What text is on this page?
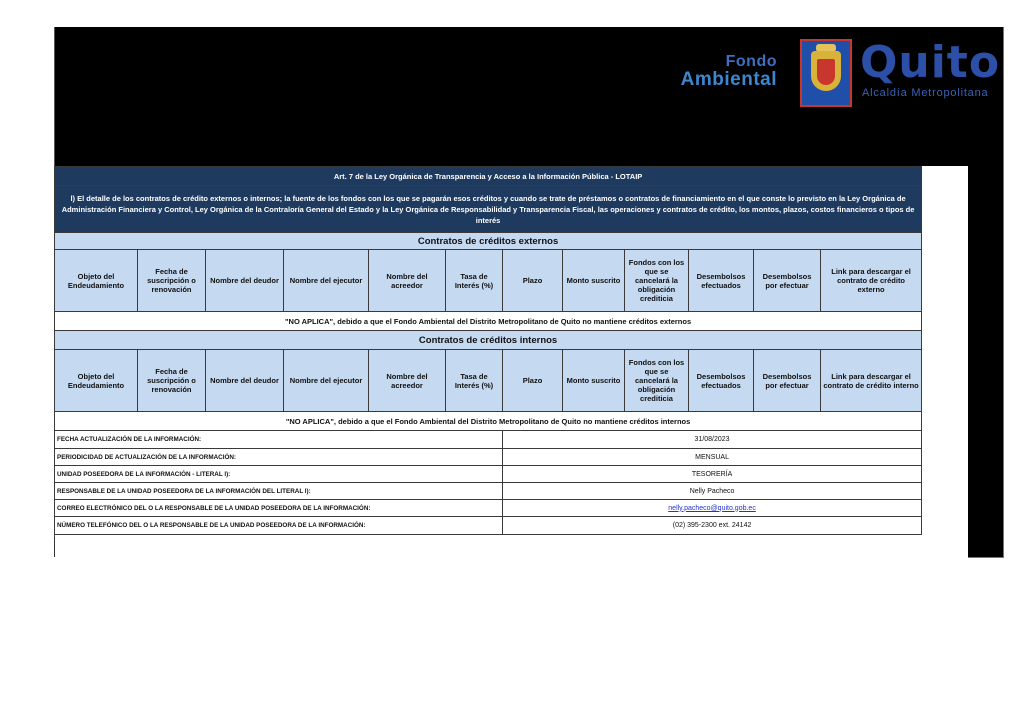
Fondo
Ambiental Quito
Alcaldía Metropolitana
Art. 7 de la Ley Orgánica de Transparencia y Acceso a la Información Pública - LOTAIP											
l) El detalle de los contratos de crédito externos o internos; la fuente de los fondos con los que se pagarán esos créditos y cuando se trate de préstamos o contratos de financiamiento en el que conste lo previsto en la Ley Orgánica de Administración Financiera y Control, Ley Orgánica de la Contraloría General del Estado y la Ley Orgánica de Responsabilidad y Transparencia Fiscal, las operaciones y contratos de crédito, los montos, plazos, costos financieros o tipos de interés											
Contratos de créditos externos											
Objeto del Endeudamiento	Fecha de suscripción o renovación	Nombre del deudor	Nombre del ejecutor	Nombre del acreedor	Tasa de Interés (%)	Plazo	Monto suscrito	Fondos con los que se cancelará la obligación crediticia	Desembolsos efectuados	Desembolsos por efectuar	Link para descargar el contrato de crédito externo
"NO APLICA", debido a que el Fondo Ambiental del Distrito Metropolitano de Quito no mantiene créditos externos											
Contratos de créditos internos											
Objeto del Endeudamiento	Fecha de suscripción o renovación	Nombre del deudor	Nombre del ejecutor	Nombre del acreedor	Tasa de Interés (%)	Plazo	Monto suscrito	Fondos con los que se cancelará la obligación crediticia	Desembolsos efectuados	Desembolsos por efectuar	Link para descargar el contrato de crédito interno
"NO APLICA", debido a que el Fondo Ambiental del Distrito Metropolitano de Quito no mantiene créditos internos											
FECHA ACTUALIZACIÓN DE LA INFORMACIÓN:						31/08/2023					
PERIODICIDAD DE ACTUALIZACIÓN DE LA INFORMACIÓN:						MENSUAL					
UNIDAD POSEEDORA DE LA INFORMACIÓN - LITERAL l):						TESORERÍA					
RESPONSABLE DE LA UNIDAD POSEEDORA DE LA INFORMACIÓN DEL LITERAL l):						Nelly Pacheco					
CORREO ELECTRÓNICO DEL O LA RESPONSABLE DE LA UNIDAD POSEEDORA DE LA INFORMACIÓN:						nelly.pacheco@quito.gob.ec					
NÚMERO TELEFÓNICO DEL O LA RESPONSABLE DE LA UNIDAD POSEEDORA DE LA INFORMACIÓN:						(02) 395-2300 ext. 24142					
